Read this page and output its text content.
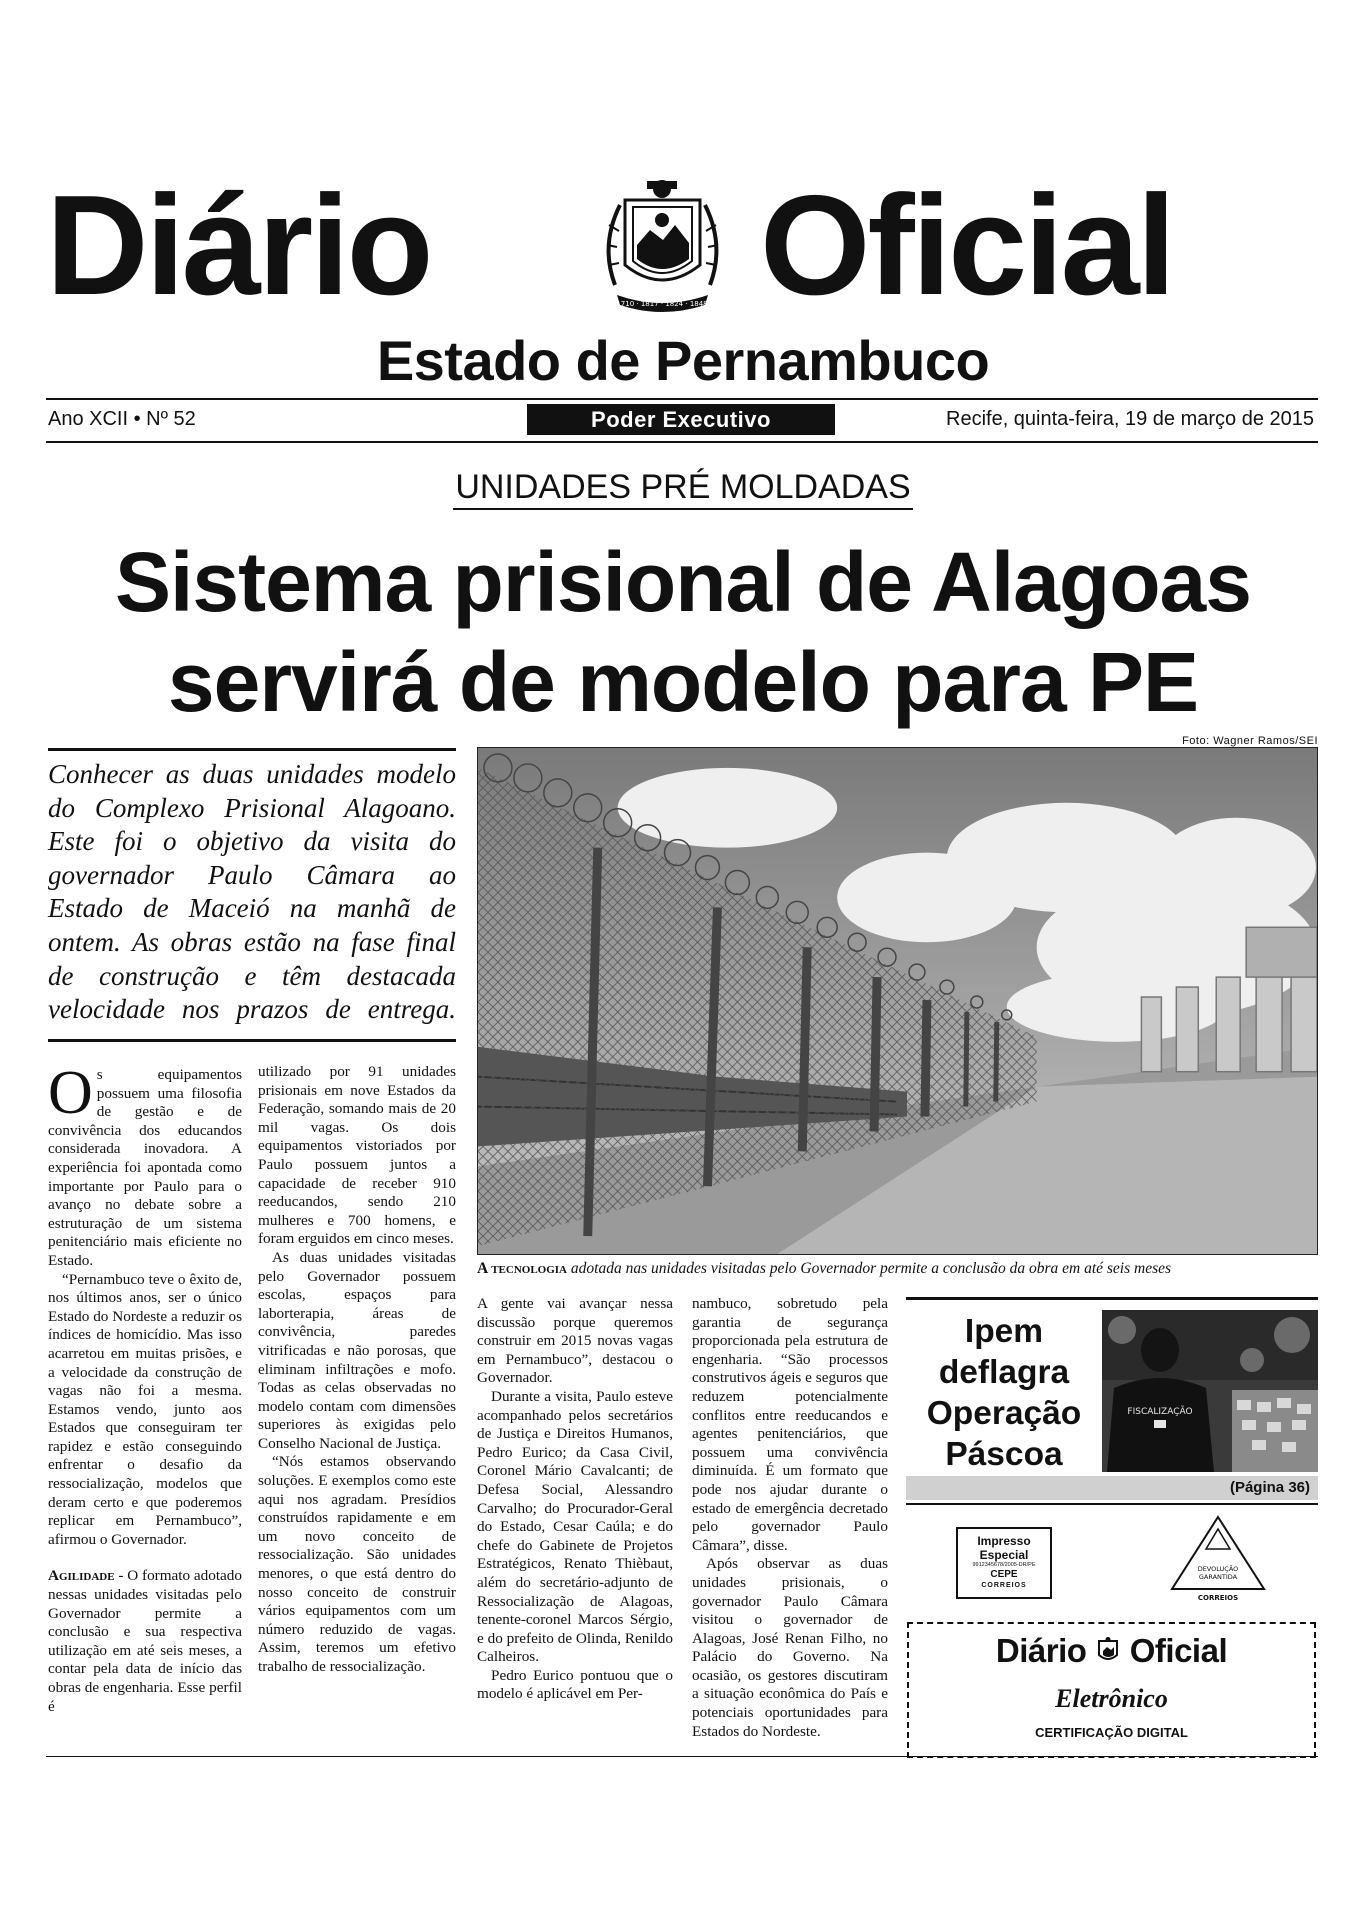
Diário	1710 · 1817 · 1824 · 1848 Oficial
Estado de Pernambuco
Ano XCII • Nº 52	Poder Executivo	Recife, quinta-feira, 19 de março de 2015
UNIDADES PRÉ MOLDADAS
Sistema prisional de Alagoas
servirá de modelo para PE
Foto: Wagner Ramos/SEI
Conhecer as duas unidades modelo
do Complexo Prisional Alagoano.
Este foi o objetivo da visita do
governador Paulo Câmara ao
Estado de Maceió na manhã de
ontem. As obras estão na fase final
de construção e têm destacada
velocidade nos prazos de entrega.
A tecnologia adotada nas unidades visitadas pelo Governador permite a conclusão da obra em até seis meses

Os equipamentos possuem uma filosofia de gestão e de convivência dos educandos considerada inovadora. A experiência foi apontada como importante por Paulo para o avanço no debate sobre a estruturação de um sistema penitenciário mais eficiente no Estado.

“Pernambuco teve o êxito de, nos últimos anos, ser o único Estado do Nordeste a reduzir os índices de homicídio. Mas isso acarretou em muitas prisões, e a velocidade da construção de vagas não foi a mesma. Estamos vendo, junto aos Estados que conseguiram ter rapidez e estão conseguindo enfrentar o desafio da ressocialização, modelos que deram certo e que poderemos replicar em Pernambuco”, afirmou o Governador.

Agilidade - O formato adotado nessas unidades visitadas pelo Governador permite a conclusão e sua respectiva utilização em até seis meses, a contar pela data de início das obras de engenharia. Esse perfil é

utilizado por 91 unidades prisionais em nove Estados da Federação, somando mais de 20 mil vagas. Os dois equipamentos vistoriados por Paulo possuem juntos a capacidade de receber 910 reeducandos, sendo 210 mulheres e 700 homens, e foram erguidos em cinco meses.

As duas unidades visitadas pelo Governador possuem escolas, espaços para laborterapia, áreas de convivência, paredes vitrificadas e não porosas, que eliminam infiltrações e mofo. Todas as celas observadas no modelo contam com dimensões superiores às exigidas pelo Conselho Nacional de Justiça.

“Nós estamos observando soluções. E exemplos como este aqui nos agradam. Presídios construídos rapidamente e em um novo conceito de ressocialização. São unidades menores, o que está dentro do nosso conceito de construir vários equipamentos com um número reduzido de vagas. Assim, teremos um efetivo trabalho de ressocialização.

A gente vai avançar nessa discussão porque queremos construir em 2015 novas vagas em Pernambuco”, destacou o Governador.

Durante a visita, Paulo esteve acompanhado pelos secretários de Justiça e Direitos Humanos, Pedro Eurico; da Casa Civil, Coronel Mário Cavalcanti; de Defesa Social, Alessandro Carvalho; do Procurador-Geral do Estado, Cesar Caúla; e do chefe do Gabinete de Projetos Estratégicos, Renato Thièbaut, além do secretário-adjunto de Ressocialização de Alagoas, tenente-coronel Marcos Sérgio, e do prefeito de Olinda, Renildo Calheiros.

Pedro Eurico pontuou que o modelo é aplicável em Per-

nambuco, sobretudo pela garantia de segurança proporcionada pela estrutura de engenharia. “São processos construtivos ágeis e seguros que reduzem potencialmente conflitos entre reeducandos e agentes penitenciários, que possuem uma convivência diminuída. É um formato que pode nos ajudar durante o estado de emergência decretado pelo governador Paulo Câmara”, disse.

Após observar as duas unidades prisionais, o governador Paulo Câmara visitou o governador de Alagoas, José Renan Filho, no Palácio do Governo. Na ocasião, os gestores discutiram a situação econômica do País e potenciais oportunidades para Estados do Nordeste.

Ipem
deflagra
Operação
Páscoa
FISCALIZAÇÃO
(Página 36)
Impresso
Especial
9912345678/2005-DR/PE
CEPE
CORREIOS
DEVOLUÇÃO
GARANTIDA
CORREIOS
Diário Oficial
Eletrônico
CERTIFICAÇÃO DIGITAL
